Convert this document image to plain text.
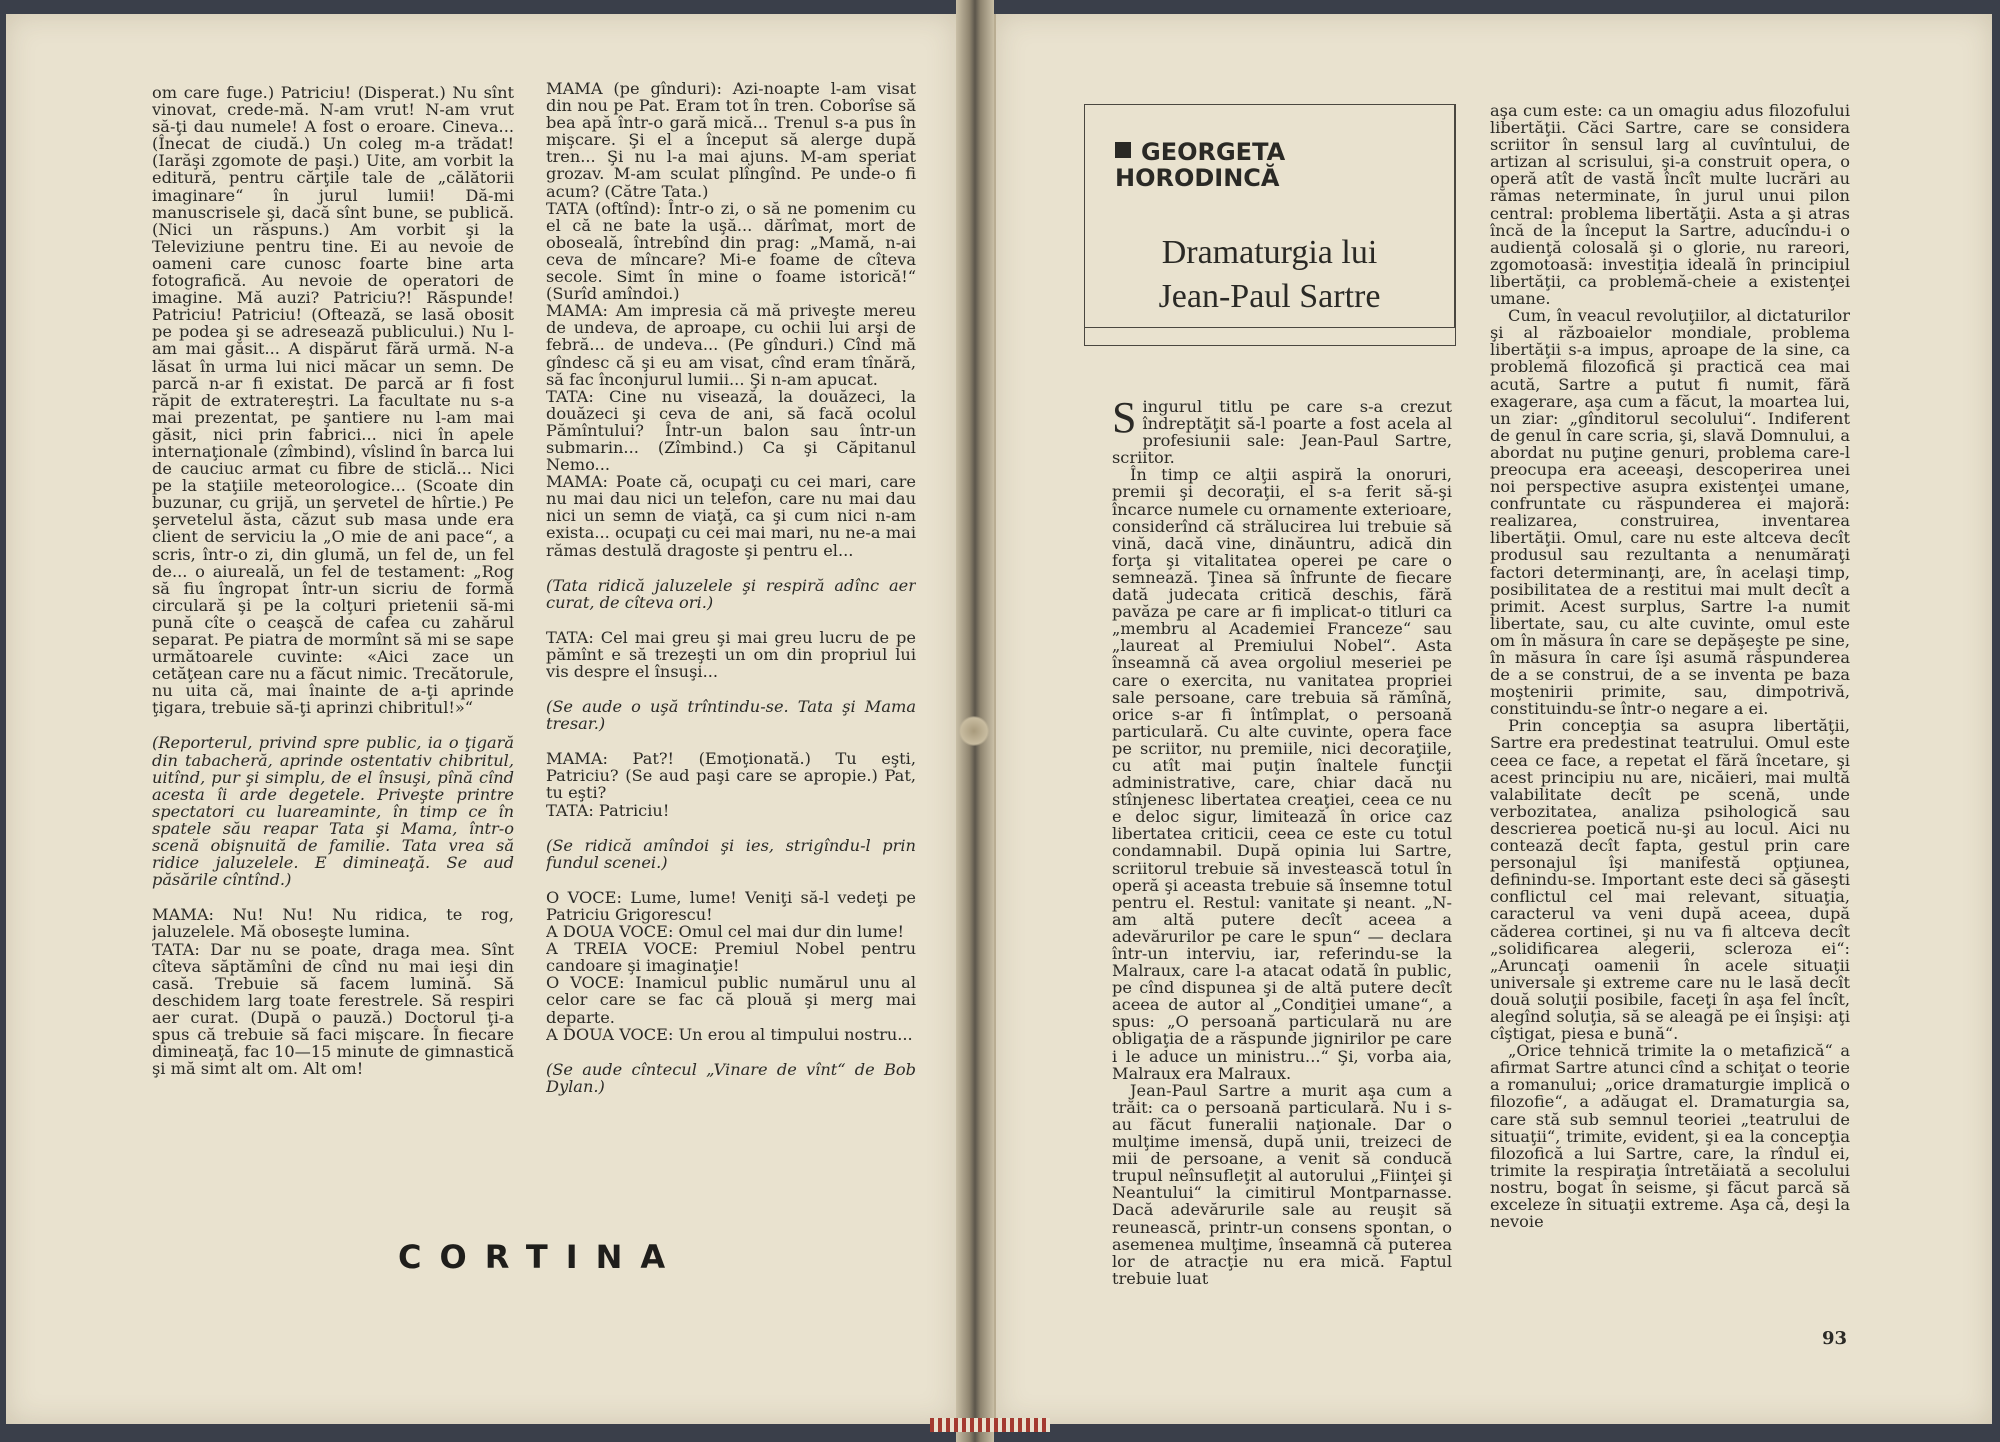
om care fuge.) Patriciu! (Disperat.) Nu sînt vinovat, crede-mă. N-am vrut! N-am vrut să-ţi dau numele! A fost o eroare. Cineva... (Înecat de ciudă.) Un coleg m-a trădat! (Iarăşi zgomote de paşi.) Uite, am vorbit la editură, pentru cărţile tale de „călătorii imaginare“ în jurul lumii! Dă-mi manuscrisele şi, dacă sînt bune, se publică. (Nici un răspuns.) Am vorbit şi la Televiziune pentru tine. Ei au nevoie de oameni care cunosc foarte bine arta fotografică. Au nevoie de operatori de imagine. Mă auzi? Patriciu?! Răspunde! Patriciu! Patriciu! (Oftează, se lasă obosit pe podea şi se adresează publicului.) Nu l-am mai găsit... A dispărut fără urmă. N-a lăsat în urma lui nici măcar un semn. De parcă n-ar fi existat. De parcă ar fi fost răpit de extratereştri. La facultate nu s-a mai prezentat, pe şantiere nu l-am mai găsit, nici prin fabrici... nici în apele internaţionale (zîmbind), vîslind în barca lui de cauciuc armat cu fibre de sticlă... Nici pe la staţiile meteorologice... (Scoate din buzunar, cu grijă, un şervetel de hîrtie.) Pe şervetelul ăsta, căzut sub masa unde era client de serviciu la „O mie de ani pace“, a scris, într-o zi, din glumă, un fel de, un fel de... o aiureală, un fel de testament: „Rog să fiu îngropat într-un sicriu de formă circulară şi pe la colţuri prietenii să-mi pună cîte o ceaşcă de cafea cu zahărul separat. Pe piatra de mormînt să mi se sape următoarele cuvinte: «Aici zace un cetăţean care nu a făcut nimic. Trecătorule, nu uita că, mai înainte de a-ţi aprinde ţigara, trebuie să-ţi aprinzi chibritul!»“

(Reporterul, privind spre public, ia o ţigară din tabacheră, aprinde ostentativ chibritul, uitînd, pur şi simplu, de el însuşi, pînă cînd acesta îi arde degetele. Priveşte printre spectatori cu luareaminte, în timp ce în spatele său reapar Tata şi Mama, într-o scenă obişnuită de familie. Tata vrea să ridice jaluzelele. E dimineaţă. Se aud păsările cîntînd.)

MAMA: Nu! Nu! Nu ridica, te rog, jaluzelele. Mă oboseşte lumina.

TATA: Dar nu se poate, draga mea. Sînt cîteva săptămîni de cînd nu mai ieşi din casă. Trebuie să facem lumină. Să deschidem larg toate ferestrele. Să respiri aer curat. (După o pauză.) Doctorul ţi-a spus că trebuie să faci mişcare. În fiecare dimineaţă, fac 10—15 minute de gimnastică şi mă simt alt om. Alt om!

MAMA (pe gînduri): Azi-noapte l-am visat din nou pe Pat. Eram tot în tren. Coborîse să bea apă într-o gară mică... Trenul s-a pus în mişcare. Şi el a început să alerge după tren... Şi nu l-a mai ajuns. M-am speriat grozav. M-am sculat plîngînd. Pe unde-o fi acum? (Către Tata.)

TATA (oftînd): Într-o zi, o să ne pomenim cu el că ne bate la uşă... dărîmat, mort de oboseală, întrebînd din prag: „Mamă, n-ai ceva de mîncare? Mi-e foame de cîteva secole. Simt în mine o foame istorică!“ (Surîd amîndoi.)

MAMA: Am impresia că mă priveşte mereu de undeva, de aproape, cu ochii lui arşi de febră... de undeva... (Pe gînduri.) Cînd mă gîndesc că şi eu am visat, cînd eram tînără, să fac înconjurul lumii... Şi n-am apucat.

TATA: Cine nu visează, la douăzeci, la douăzeci şi ceva de ani, să facă ocolul Pămîntului? Într-un balon sau într-un submarin... (Zîmbind.) Ca şi Căpitanul Nemo...

MAMA: Poate că, ocupaţi cu cei mari, care nu mai dau nici un telefon, care nu mai dau nici un semn de viaţă, ca şi cum nici n-am exista... ocupaţi cu cei mai mari, nu ne-a mai rămas destulă dragoste şi pentru el...

(Tata ridică jaluzelele şi respiră adînc aer curat, de cîteva ori.)

TATA: Cel mai greu şi mai greu lucru de pe pămînt e să trezeşti un om din propriul lui vis despre el însuşi...

(Se aude o uşă trîntindu-se. Tata şi Mama tresar.)

MAMA: Pat?! (Emoţionată.) Tu eşti, Patriciu? (Se aud paşi care se apropie.) Pat, tu eşti?

TATA: Patriciu!

(Se ridică amîndoi şi ies, strigîndu-l prin fundul scenei.)

O VOCE: Lume, lume! Veniţi să-l vedeţi pe Patriciu Grigorescu!

A DOUA VOCE: Omul cel mai dur din lume!

A TREIA VOCE: Premiul Nobel pentru candoare şi imaginaţie!

O VOCE: Inamicul public numărul unu al celor care se fac că plouă şi merg mai departe.

A DOUA VOCE: Un erou al timpului nostru...

(Se aude cîntecul „Vinare de vînt“ de Bob Dylan.)

CORTINA
GEORGETA
HORODINCĂ
Dramaturgia lui
Jean-Paul Sartre

Singurul titlu pe care s-a crezut îndreptăţit să-l poarte a fost acela al profesiunii sale: Jean-Paul Sartre, scriitor.

În timp ce alţii aspiră la onoruri, premii şi decoraţii, el s-a ferit să-şi încarce numele cu ornamente exterioare, considerînd că strălucirea lui trebuie să vină, dacă vine, dinăuntru, adică din forţa şi vitalitatea operei pe care o semnează. Ţinea să înfrunte de fiecare dată judecata critică deschis, fără pavăza pe care ar fi implicat-o titluri ca „membru al Academiei Franceze“ sau „laureat al Premiului Nobel“. Asta înseamnă că avea orgoliul meseriei pe care o exercita, nu vanitatea propriei sale persoane, care trebuia să rămînă, orice s-ar fi întîmplat, o persoană particulară. Cu alte cuvinte, opera face pe scriitor, nu premiile, nici decoraţiile, cu atît mai puţin înaltele funcţii administrative, care, chiar dacă nu stînjenesc libertatea creaţiei, ceea ce nu e deloc sigur, limitează în orice caz libertatea criticii, ceea ce este cu totul condamnabil. După opinia lui Sartre, scriitorul trebuie să investească totul în operă şi aceasta trebuie să însemne totul pentru el. Restul: vanitate şi neant. „N-am altă putere decît aceea a adevărurilor pe care le spun“ — declara într-un interviu, iar, referindu-se la Malraux, care l-a atacat odată în public, pe cînd dispunea şi de altă putere decît aceea de autor al „Condiţiei umane“, a spus: „O persoană particulară nu are obligaţia de a răspunde jignirilor pe care i le aduce un ministru...“ Şi, vorba aia, Malraux era Malraux.

Jean-Paul Sartre a murit aşa cum a trăit: ca o persoană particulară. Nu i s-au făcut funeralii naţionale. Dar o mulţime imensă, după unii, treizeci de mii de persoane, a venit să conducă trupul neînsufleţit al autorului „Fiinţei şi Neantului“ la cimitirul Montparnasse. Dacă adevărurile sale au reuşit să reunească, printr-un consens spontan, o asemenea mulţime, înseamnă că puterea lor de atracţie nu era mică. Faptul trebuie luat

aşa cum este: ca un omagiu adus filozofului libertăţii. Căci Sartre, care se considera scriitor în sensul larg al cuvîntului, de artizan al scrisului, şi-a construit opera, o operă atît de vastă încît multe lucrări au rămas neterminate, în jurul unui pilon central: problema libertăţii. Asta a şi atras încă de la început la Sartre, aducîndu-i o audienţă colosală şi o glorie, nu rareori, zgomotoasă: investiţia ideală în principiul libertăţii, ca problemă-cheie a existenţei umane.

Cum, în veacul revoluţiilor, al dictaturilor şi al războaielor mondiale, problema libertăţii s-a impus, aproape de la sine, ca problemă filozofică şi practică cea mai acută, Sartre a putut fi numit, fără exagerare, aşa cum a făcut, la moartea lui, un ziar: „gînditorul secolului“. Indiferent de genul în care scria, şi, slavă Domnului, a abordat nu puţine genuri, problema care-l preocupa era aceeaşi, descoperirea unei noi perspective asupra existenţei umane, confruntate cu răspunderea ei majoră: realizarea, construirea, inventarea libertăţii. Omul, care nu este altceva decît produsul sau rezultanta a nenumăraţi factori determinanţi, are, în acelaşi timp, posibilitatea de a restitui mai mult decît a primit. Acest surplus, Sartre l-a numit libertate, sau, cu alte cuvinte, omul este om în măsura în care se depăşeşte pe sine, în măsura în care îşi asumă răspunderea de a se construi, de a se inventa pe baza moştenirii primite, sau, dimpotrivă, constituindu-se într-o negare a ei.

Prin concepţia sa asupra libertăţii, Sartre era predestinat teatrului. Omul este ceea ce face, a repetat el fără încetare, şi acest principiu nu are, nicăieri, mai multă valabilitate decît pe scenă, unde verbozitatea, analiza psihologică sau descrierea poetică nu-şi au locul. Aici nu contează decît fapta, gestul prin care personajul îşi manifestă opţiunea, definindu-se. Important este deci să găseşti conflictul cel mai relevant, situaţia, caracterul va veni după aceea, după căderea cortinei, şi nu va fi altceva decît „solidificarea alegerii, scleroza ei“: „Aruncaţi oamenii în acele situaţii universale şi extreme care nu le lasă decît două soluţii posibile, faceţi în aşa fel încît, alegînd soluţia, să se aleagă pe ei înşişi: aţi cîştigat, piesa e bună“.

„Orice tehnică trimite la o metafizică“ a afirmat Sartre atunci cînd a schiţat o teorie a romanului; „orice dramaturgie implică o filozofie“, a adăugat el. Dramaturgia sa, care stă sub semnul teoriei „teatrului de situaţii“, trimite, evident, şi ea la concepţia filozofică a lui Sartre, care, la rîndul ei, trimite la respiraţia întretăiată a secolului nostru, bogat în seisme, şi făcut parcă să exceleze în situaţii extreme. Aşa că, deşi la nevoie

93
